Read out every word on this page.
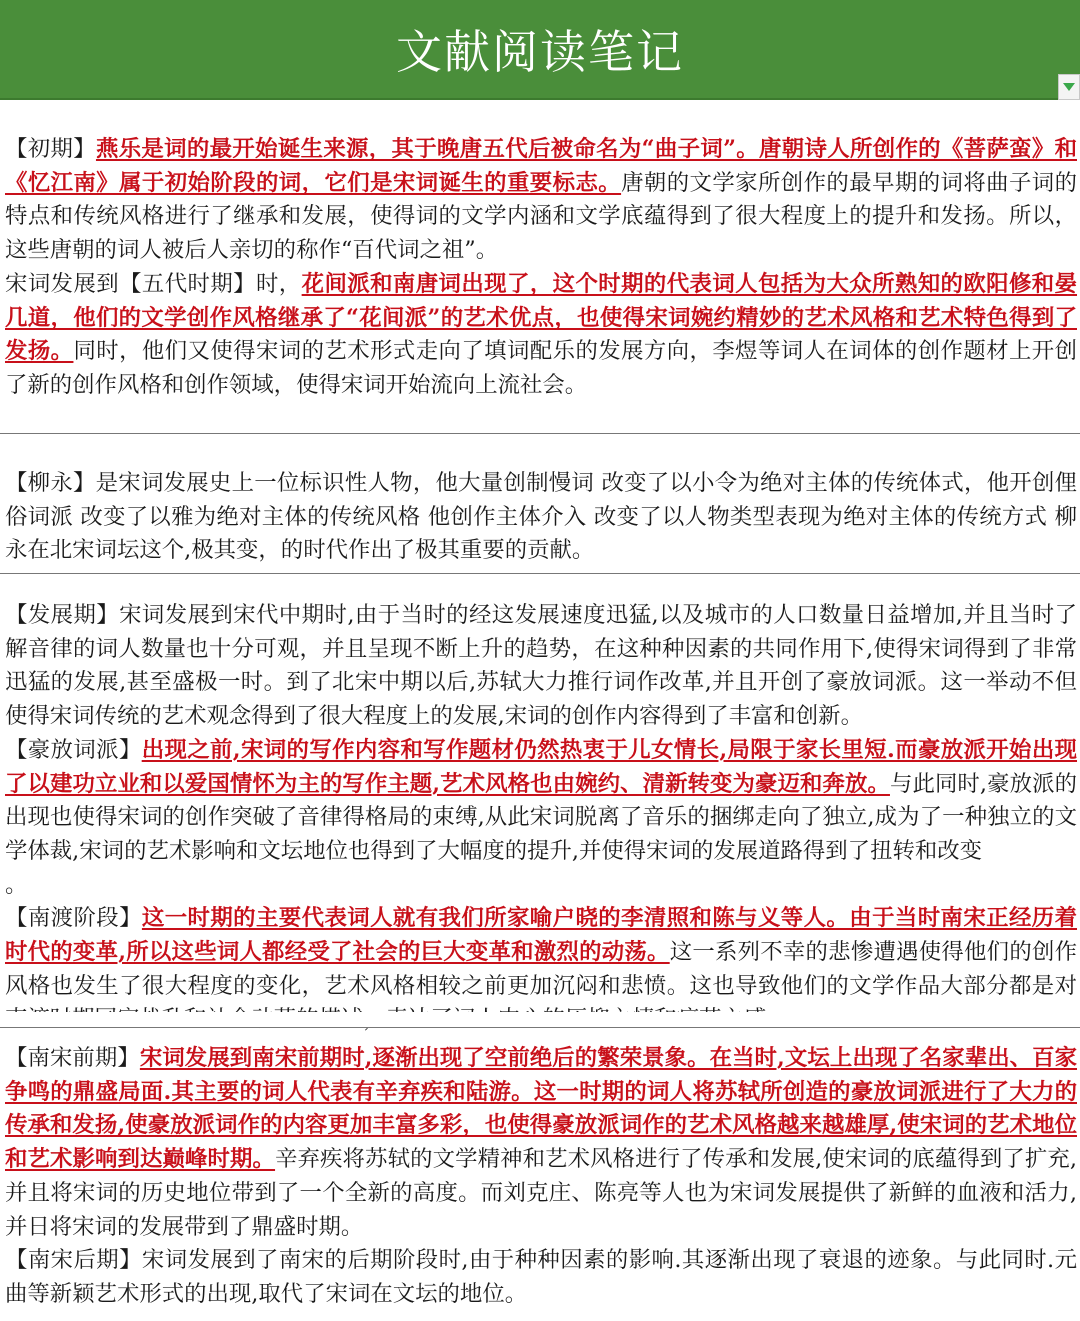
文献阅读笔记

【初期】燕乐是词的最开始诞生来源，其于晚唐五代后被命名为“曲子词”。唐朝诗人所创作的《菩萨蛮》和《忆江南》属于初始阶段的词，它们是宋词诞生的重要标志。唐朝的文学家所创作的最早期的词将曲子词的特点和传统风格进行了继承和发展，使得词的文学内涵和文学底蕴得到了很大程度上的提升和发扬。所以，这些唐朝的词人被后人亲切的称作“百代词之祖”。

宋词发展到【五代时期】时，花间派和南唐词出现了，这个时期的代表词人包括为大众所熟知的欧阳修和晏几道，他们的文学创作风格继承了“花间派”的艺术优点，也使得宋词婉约精妙的艺术风格和艺术特色得到了发扬。同时，他们又使得宋词的艺术形式走向了填词配乐的发展方向，李煜等词人在词体的创作题材上开创了新的创作风格和创作领域，使得宋词开始流向上流社会。

【柳永】是宋词发展史上一位标识性人物，他大量创制慢词 改变了以小令为绝对主体的传统体式，他开创俚俗词派 改变了以雅为绝对主体的传统风格 他创作主体介入 改变了以人物类型表现为绝对主体的传统方式 柳永在北宋词坛这个,极其变，的时代作出了极其重要的贡献。

【发展期】宋词发展到宋代中期时,由于当时的经这发展速度迅猛,以及城市的人口数量日益增加,并且当时了解音律的词人数量也十分可观，并且呈现不断上升的趋势，在这种种因素的共同作用下,使得宋词得到了非常迅猛的发展,甚至盛极一时。到了北宋中期以后,苏轼大力推行词作改革,并且开创了豪放词派。这一举动不但使得宋词传统的艺术观念得到了很大程度上的发展,宋词的创作内容得到了丰富和创新。

【豪放词派】出现之前,宋词的写作内容和写作题材仍然热衷于儿女情长,局限于家长里短.而豪放派开始出现了以建功立业和以爱国情怀为主的写作主题,艺术风格也由婉约、清新转变为豪迈和奔放。与此同时,豪放派的出现也使得宋词的创作突破了音律得格局的束缚,从此宋词脱离了音乐的捆绑走向了独立,成为了一种独立的文学体裁,宋词的艺术影响和文坛地位也得到了大幅度的提升,并使得宋词的发展道路得到了扭转和改变

。

【南渡阶段】这一时期的主要代表词人就有我们所家喻户晓的李清照和陈与义等人。由于当时南宋正经历着时代的变革,所以这些词人都经受了社会的巨大变革和激烈的动荡。这一系列不幸的悲惨遭遇使得他们的创作风格也发生了很大程度的变化，艺术风格相较之前更加沉闷和悲愤。这也导致他们的文学作品大部分都是对

【南宋前期】宋词发展到南宋前期时,逐渐出现了空前绝后的繁荣景象。在当时,文坛上出现了名家辈出、百家争鸣的鼎盛局面.其主要的词人代表有辛弃疾和陆游。这一时期的词人将苏轼所创造的豪放词派进行了大力的传承和发扬,使豪放派词作的内容更加丰富多彩，也使得豪放派词作的艺术风格越来越雄厚,使宋词的艺术地位和艺术影响到达巅峰时期。辛弃疾将苏轼的文学精神和艺术风格进行了传承和发展,使宋词的底蕴得到了扩充,并且将宋词的历史地位带到了一个全新的高度。而刘克庄、陈亮等人也为宋词发展提供了新鲜的血液和活力,并日将宋词的发展带到了鼎盛时期。

【南宋后期】宋词发展到了南宋的后期阶段时,由于种种因素的影响.其逐渐出现了衰退的迹象。与此同时.元曲等新颖艺术形式的出现,取代了宋词在文坛的地位。
